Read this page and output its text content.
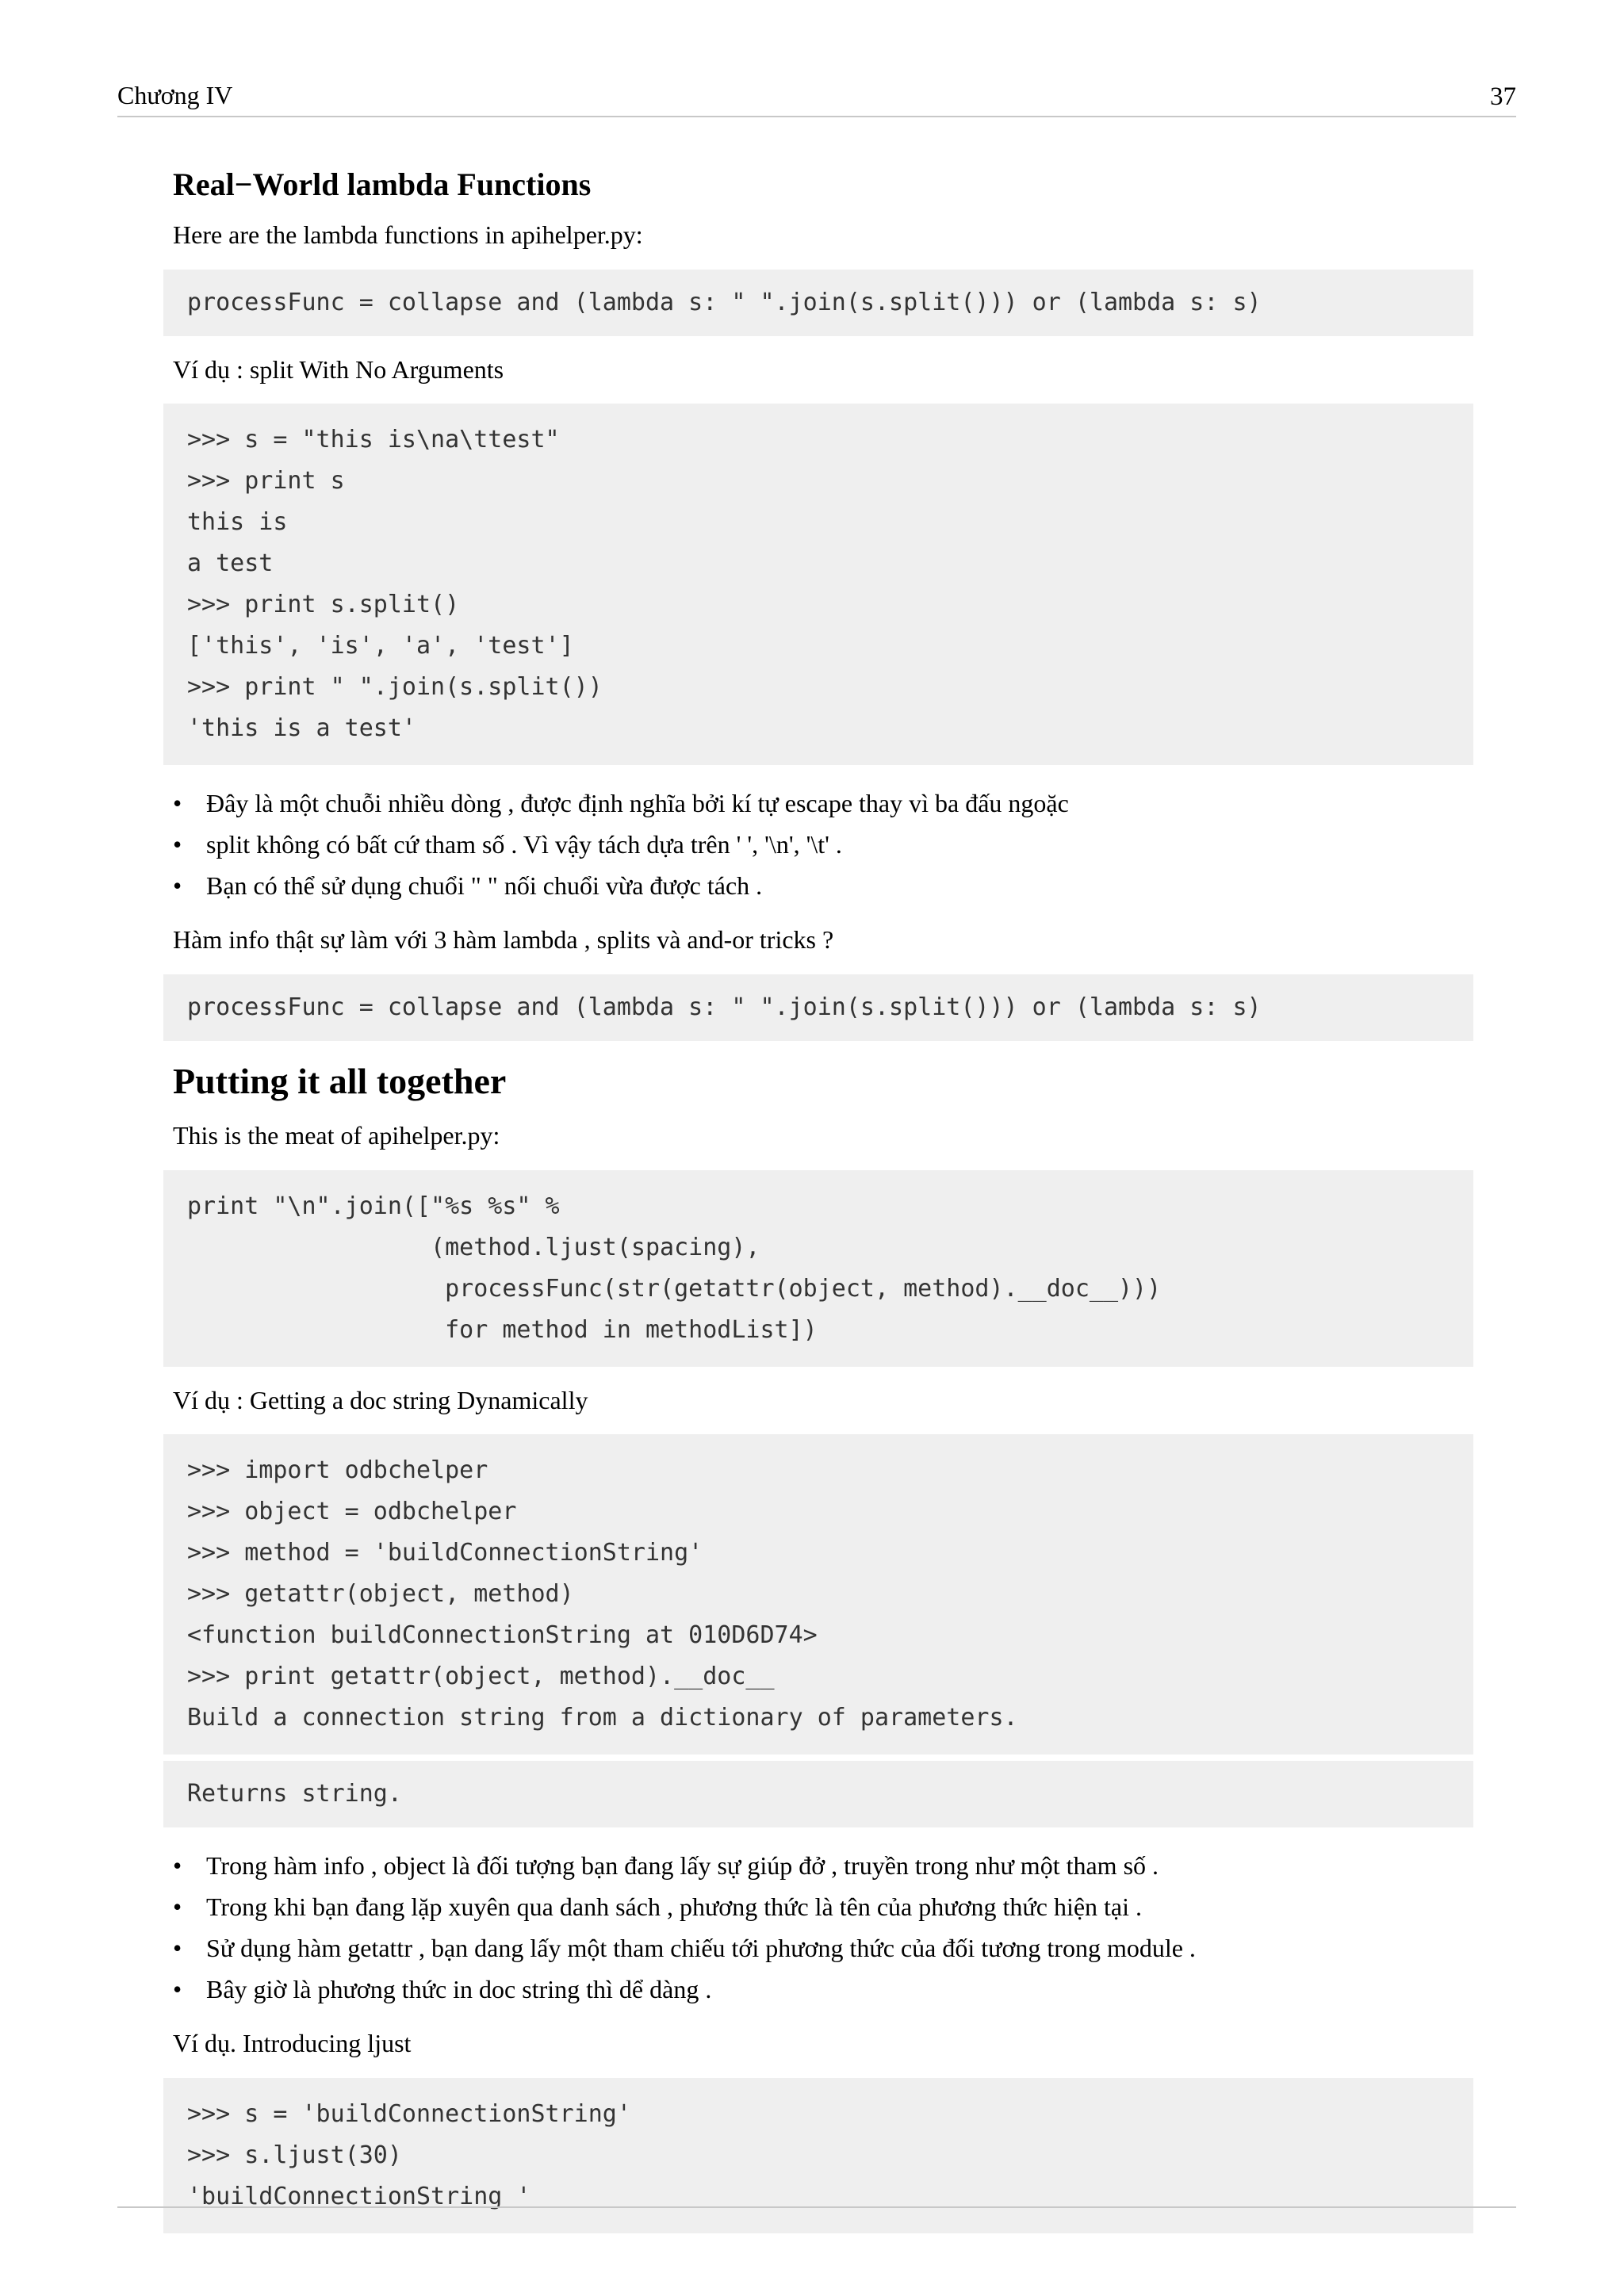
Chương IV	37
Real−World lambda Functions

Here are the lambda functions in apihelper.py:

processFunc = collapse and (lambda s: " ".join(s.split())) or (lambda s: s)

Ví dụ : split With No Arguments

>>> s = "this is\na\ttest"
>>> print s
this is
a test
>>> print s.split()
['this', 'is', 'a', 'test']
>>> print " ".join(s.split())
'this is a test'
• Đây là một chuỗi nhiều dòng , được định nghĩa bởi kí tự escape thay vì ba đấu ngoặc
• split không có bất cứ tham số . Vì vậy tách dựa trên ' ', '\n', '\t' .
• Bạn có thể sử dụng chuổi " " nối chuổi vừa được tách .

Hàm info thật sự làm với 3 hàm lambda , splits và and-or tricks ?

processFunc = collapse and (lambda s: " ".join(s.split())) or (lambda s: s)
Putting it all together

This is the meat of apihelper.py:

print "\n".join(["%s %s" %
(method.ljust(spacing),
processFunc(str(getattr(object, method).__doc__)))
for method in methodList])

Ví dụ : Getting a doc string Dynamically

>>> import odbchelper
>>> object = odbchelper
>>> method = 'buildConnectionString'
>>> getattr(object, method)
<function buildConnectionString at 010D6D74>
>>> print getattr(object, method).__doc__
Build a connection string from a dictionary of parameters.
Returns string.
• Trong hàm info , object là đối tượng bạn đang lấy sự giúp đở , truyền trong như một tham số .
• Trong khi bạn đang lặp xuyên qua danh sách , phương thức là tên của phương thức hiện tại .
• Sử dụng hàm getattr , bạn dang lấy một tham chiếu tới phương thức của đối tương trong module .
• Bây giờ là phương thức in doc string thì dể dàng .

Ví dụ. Introducing ljust

>>> s = 'buildConnectionString'
>>> s.ljust(30)
'buildConnectionString '
